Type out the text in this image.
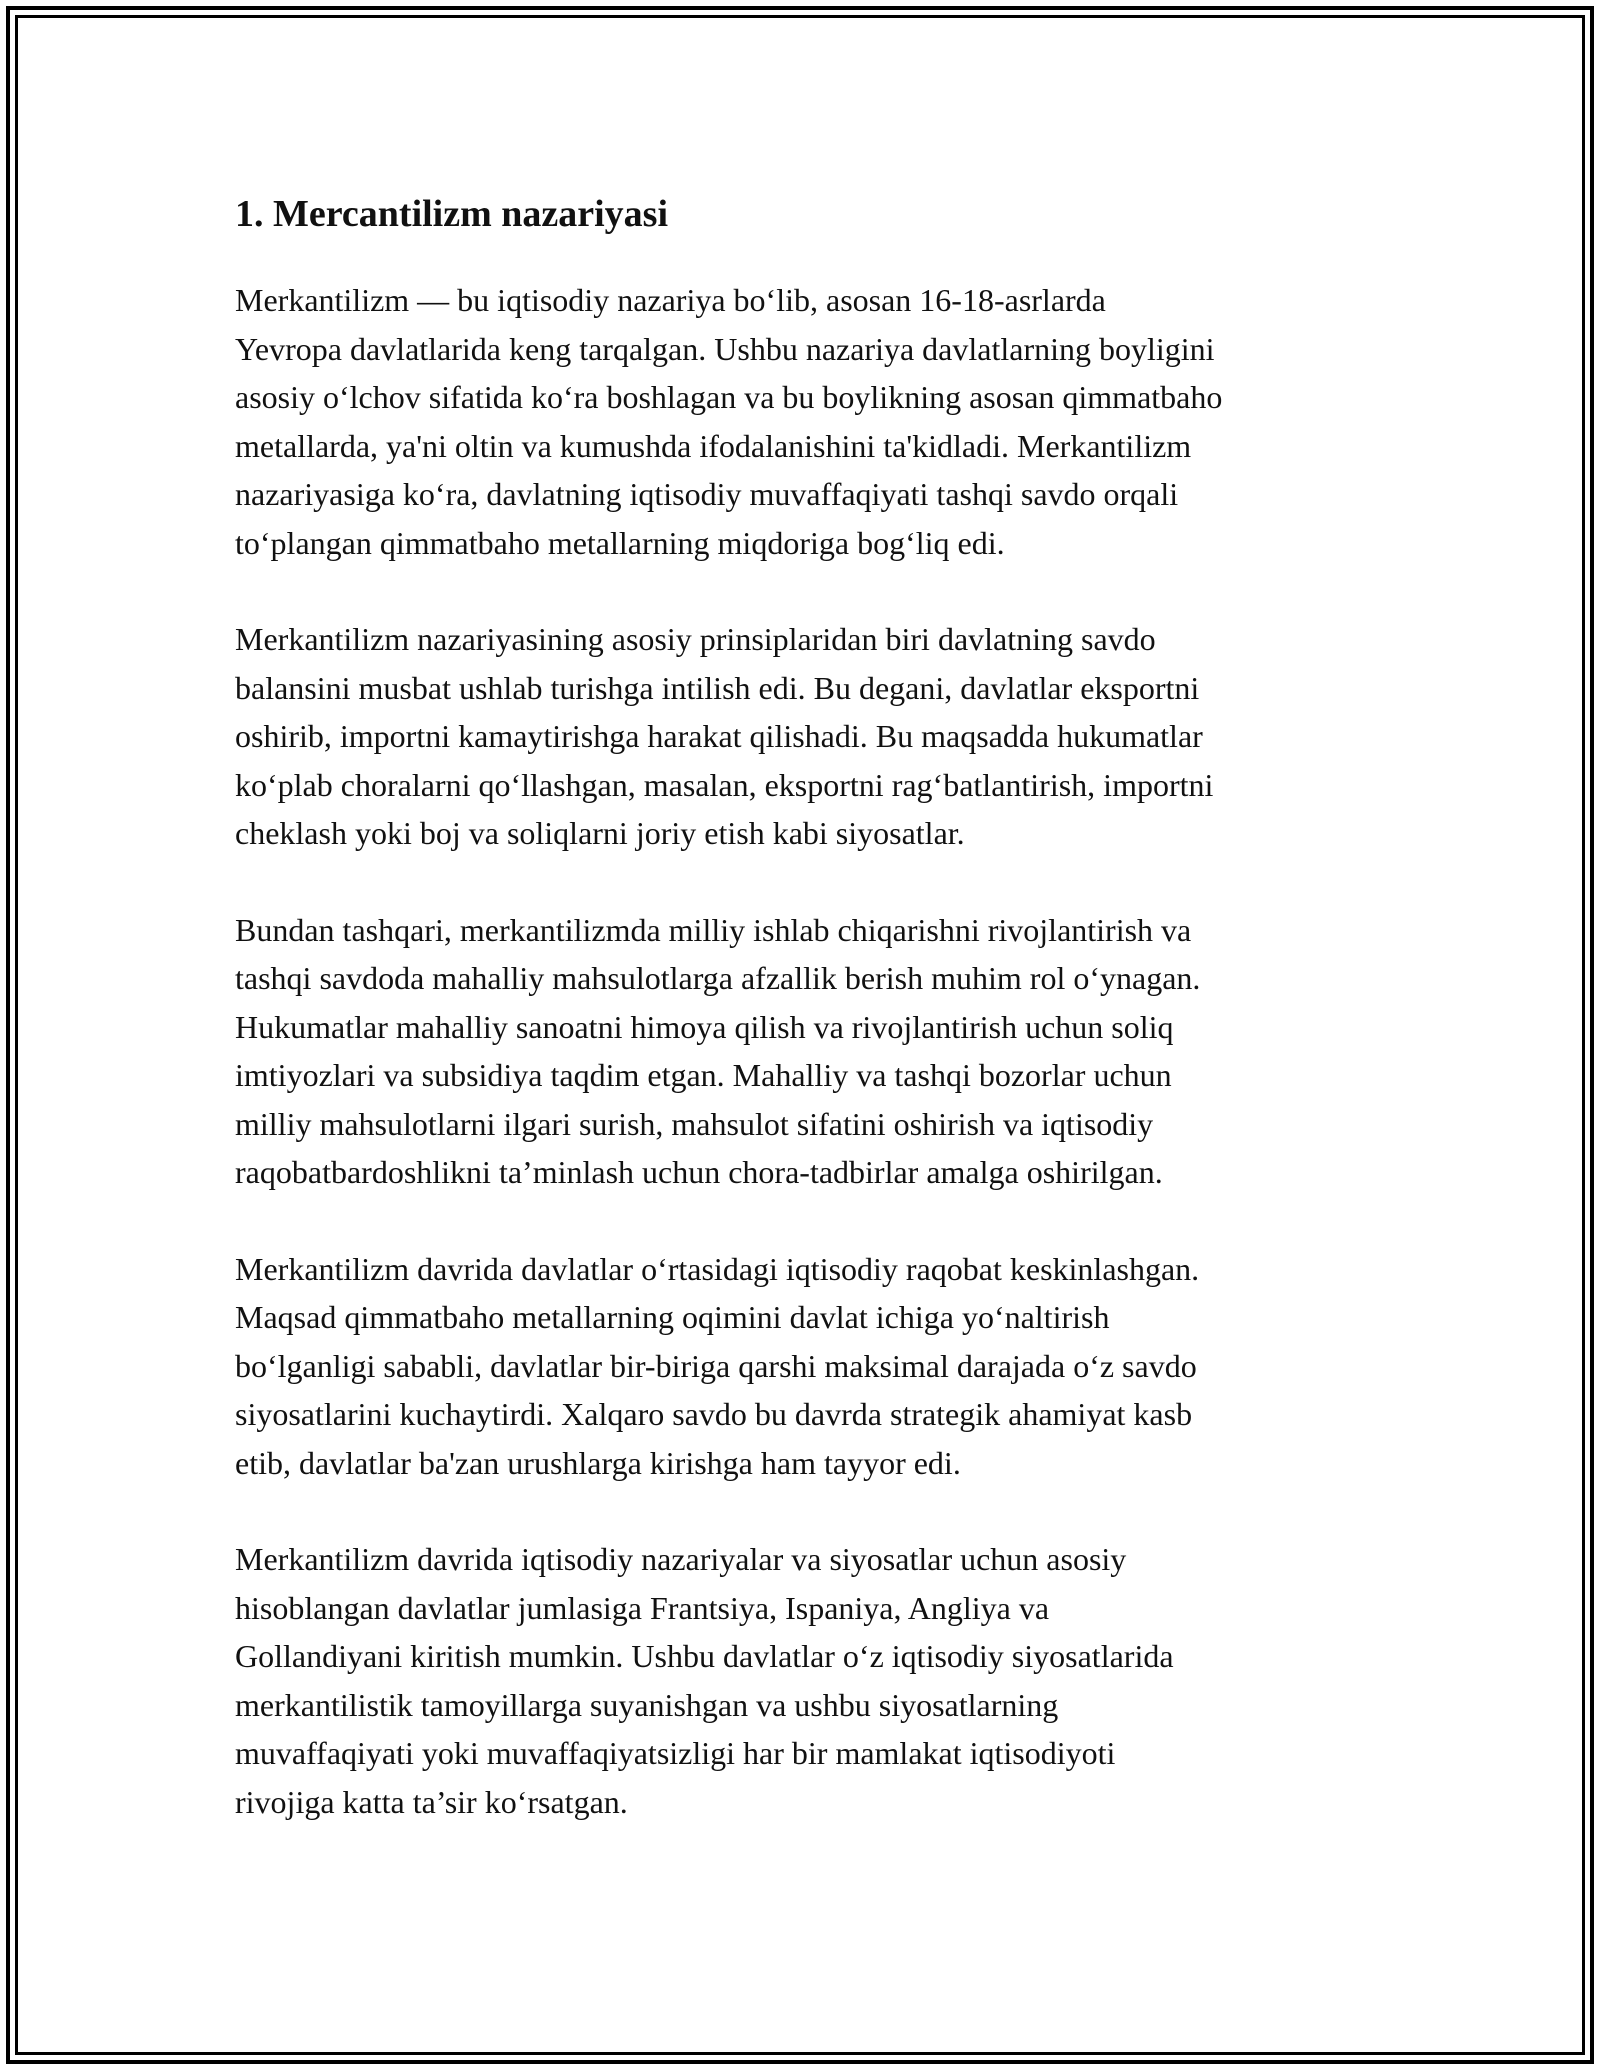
1. Mercantilizm nazariyasi

Merkantilizm — bu iqtisodiy nazariya bo‘lib, asosan 16-18-asrlarda
Yevropa davlatlarida keng tarqalgan. Ushbu nazariya davlatlarning boyligini
asosiy o‘lchov sifatida ko‘ra boshlagan va bu boylikning asosan qimmatbaho
metallarda, ya'ni oltin va kumushda ifodalanishini ta'kidladi. Merkantilizm
nazariyasiga ko‘ra, davlatning iqtisodiy muvaffaqiyati tashqi savdo orqali
to‘plangan qimmatbaho metallarning miqdoriga bog‘liq edi.

Merkantilizm nazariyasining asosiy prinsiplaridan biri davlatning savdo
balansini musbat ushlab turishga intilish edi. Bu degani, davlatlar eksportni
oshirib, importni kamaytirishga harakat qilishadi. Bu maqsadda hukumatlar
ko‘plab choralarni qo‘llashgan, masalan, eksportni rag‘batlantirish, importni
cheklash yoki boj va soliqlarni joriy etish kabi siyosatlar.

Bundan tashqari, merkantilizmda milliy ishlab chiqarishni rivojlantirish va
tashqi savdoda mahalliy mahsulotlarga afzallik berish muhim rol o‘ynagan.
Hukumatlar mahalliy sanoatni himoya qilish va rivojlantirish uchun soliq
imtiyozlari va subsidiya taqdim etgan. Mahalliy va tashqi bozorlar uchun
milliy mahsulotlarni ilgari surish, mahsulot sifatini oshirish va iqtisodiy
raqobatbardoshlikni ta’minlash uchun chora-tadbirlar amalga oshirilgan.

Merkantilizm davrida davlatlar o‘rtasidagi iqtisodiy raqobat keskinlashgan.
Maqsad qimmatbaho metallarning oqimini davlat ichiga yo‘naltirish
bo‘lganligi sababli, davlatlar bir-biriga qarshi maksimal darajada o‘z savdo
siyosatlarini kuchaytirdi. Xalqaro savdo bu davrda strategik ahamiyat kasb
etib, davlatlar ba'zan urushlarga kirishga ham tayyor edi.

Merkantilizm davrida iqtisodiy nazariyalar va siyosatlar uchun asosiy
hisoblangan davlatlar jumlasiga Frantsiya, Ispaniya, Angliya va
Gollandiyani kiritish mumkin. Ushbu davlatlar o‘z iqtisodiy siyosatlarida
merkantilistik tamoyillarga suyanishgan va ushbu siyosatlarning
muvaffaqiyati yoki muvaffaqiyatsizligi har bir mamlakat iqtisodiyoti
rivojiga katta ta’sir ko‘rsatgan.
